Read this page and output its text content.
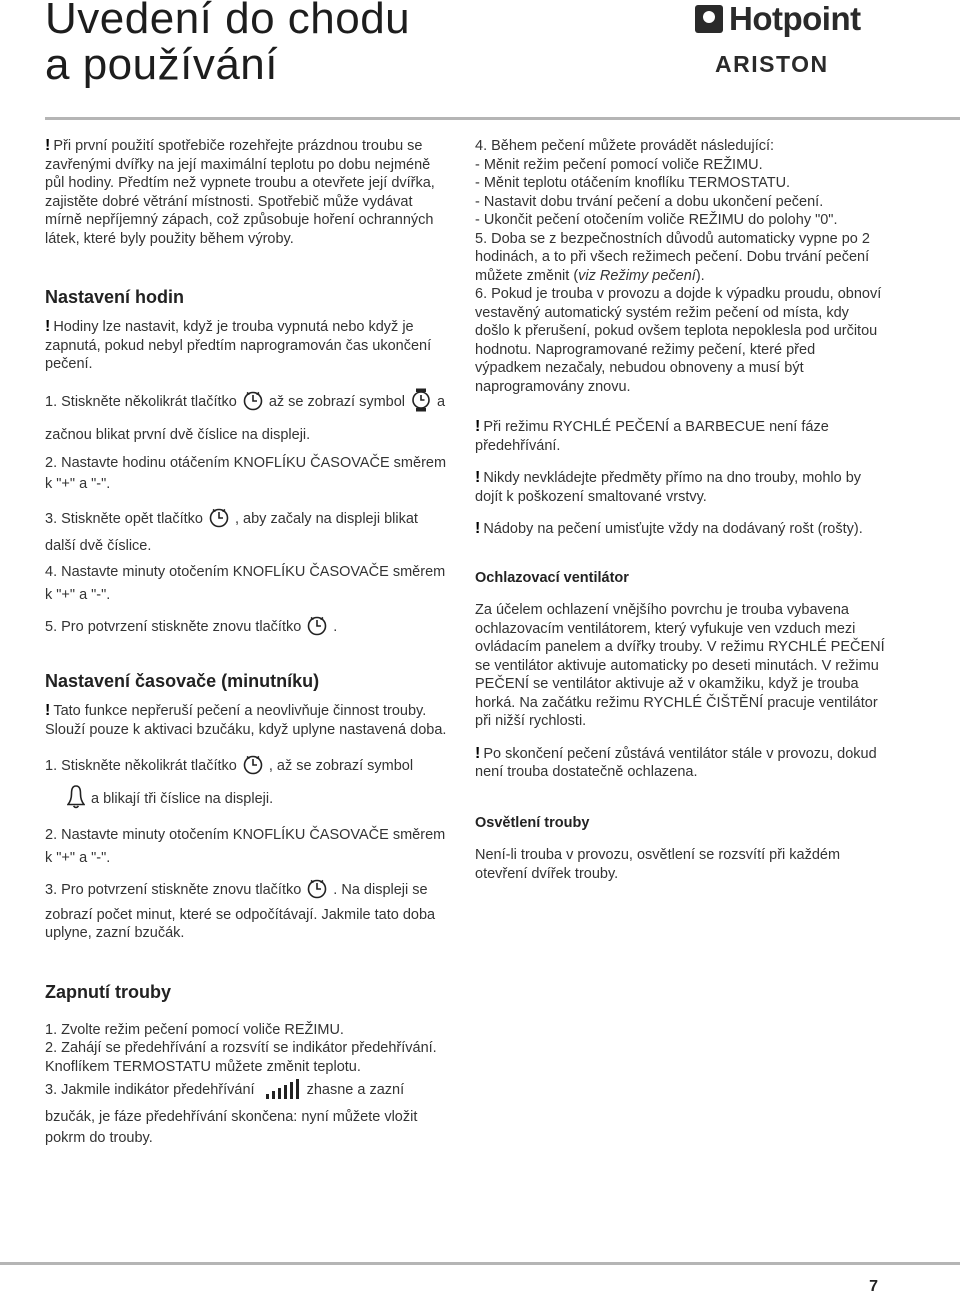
Uvedení do chodu
a používání
Hotpoint
ARISTON

! Při první použití spotřebiče rozehřejte prázdnou troubu se zavřenými dvířky na její maximální teplotu po dobu nejméně půl hodiny. Předtím než vypnete troubu a otevřete její dvířka, zajistěte dobré větrání místnosti. Spotřebič může vydávat mírně nepříjemný zápach, což způsobuje hoření ochranných látek, které byly použity během výroby.

Nastavení hodin

! Hodiny lze nastavit, když je trouba vypnutá nebo když je zapnutá, pokud nebyl předtím naprogramován čas ukončení pečení.

1. Stiskněte několikrát tlačítko až se zobrazí symbol a začnou blikat první dvě číslice na displeji.

2. Nastavte hodinu otáčením KNOFLÍKU ČASOVAČE směrem k "+" a "-".

3. Stiskněte opět tlačítko , aby začaly na displeji blikat další dvě číslice.

4. Nastavte minuty otočením KNOFLÍKU ČASOVAČE směrem k "+" a "-".

5. Pro potvrzení stiskněte znovu tlačítko .

Nastavení časovače (minutníku)

! Tato funkce nepřeruší pečení a neovlivňuje činnost trouby. Slouží pouze k aktivaci bzučáku, když uplyne nastavená doba.

1. Stiskněte několikrát tlačítko , až se zobrazí symbola blikají tři číslice na displeji.

2. Nastavte minuty otočením KNOFLÍKU ČASOVAČE směrem k "+" a "-".

3. Pro potvrzení stiskněte znovu tlačítko . Na displeji se zobrazí počet minut, které se odpočítávají. Jakmile tato doba uplyne, zazní bzučák.

Zapnutí trouby

1. Zvolte režim pečení pomocí voliče REŽIMU.

2. Zahájí se předehřívání a rozsvítí se indikátor předehřívání.

Knoflíkem TERMOSTATU můžete změnit teplotu.

3. Jakmile indikátor předehřívání	zhasne a zazní bzučák, je fáze předehřívání skončena: nyní můžete vložit pokrm do trouby.

4. Během pečení můžete provádět následující:

- Měnit režim pečení pomocí voliče REŽIMU.

- Měnit teplotu otáčením knoflíku TERMOSTATU.

- Nastavit dobu trvání pečení a dobu ukončení pečení.

- Ukončit pečení otočením voliče REŽIMU do polohy "0".

5. Doba se z bezpečnostních důvodů automaticky vypne po 2 hodinách, a to při všech režimech pečení. Dobu trvání pečení můžete změnit (viz Režimy pečení).

6. Pokud je trouba v provozu a dojde k výpadku proudu, obnoví vestavěný automatický systém režim pečení od místa, kdy došlo k přerušení, pokud ovšem teplota nepoklesla pod určitou hodnotu. Naprogramované režimy pečení, které před výpadkem nezačaly, nebudou obnoveny a musí být naprogramovány znovu.

! Při režimu RYCHLÉ PEČENÍ a BARBECUE není fáze předehřívání.

! Nikdy nevkládejte předměty přímo na dno trouby, mohlo by dojít k poškození smaltované vrstvy.

! Nádoby na pečení umisťujte vždy na dodávaný rošt (rošty).

Ochlazovací ventilátor

Za účelem ochlazení vnějšího povrchu je trouba vybavena ochlazovacím ventilátorem, který vyfukuje ven vzduch mezi ovládacím panelem a dvířky trouby. V režimu RYCHLÉ PEČENÍ se ventilátor aktivuje automaticky po deseti minutách. V režimu PEČENÍ se ventilátor aktivuje až v okamžiku, když je trouba horká. Na začátku režimu RYCHLÉ ČIŠTĚNÍ pracuje ventilátor při nižší rychlosti.

! Po skončení pečení zůstává ventilátor stále v provozu, dokud není trouba dostatečně ochlazena.

Osvětlení trouby

Není-li trouba v provozu, osvětlení se rozsvítí při každém otevření dvířek trouby.

7
